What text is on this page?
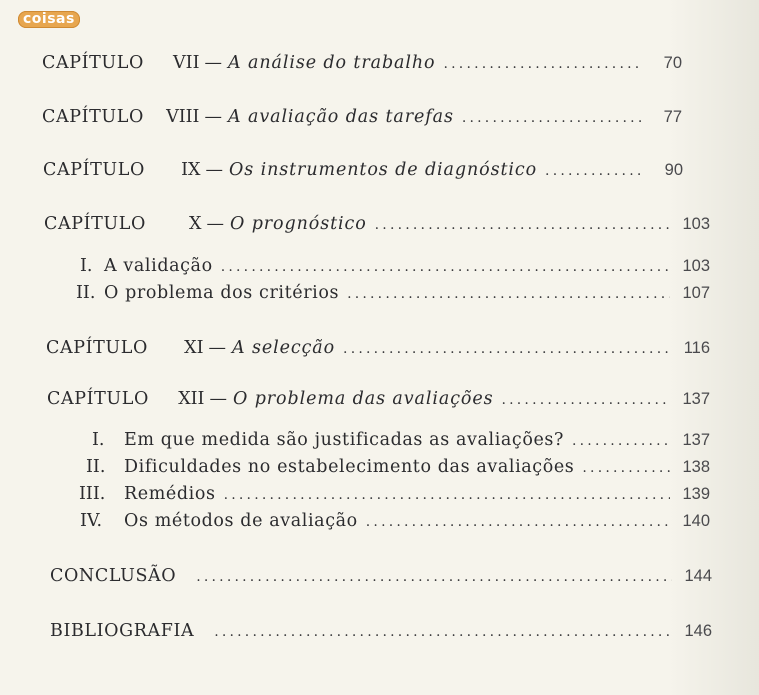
coisas
CAPÍTULO VII — A análise do trabalho .....	70
CAPÍTULO VIII — A avaliação das tarefas .....	77
CAPÍTULO IX — Os instrumentos de diagnóstico .....	90
CAPÍTULO X — O prognóstico .....	103
I. A validação .....	103
II. O problema dos critérios .....	107
CAPÍTULO XI — A selecção .....	116
CAPÍTULO XII — O problema das avaliações .....	137
I. Em que medida são justificadas as avaliações? .....	137
II. Dificuldades no estabelecimento das avaliações .....	138
III. Remédios .....	139
IV. Os métodos de avaliação .....	140
CONCLUSÃO .....	144
BIBLIOGRAFIA .....	146
